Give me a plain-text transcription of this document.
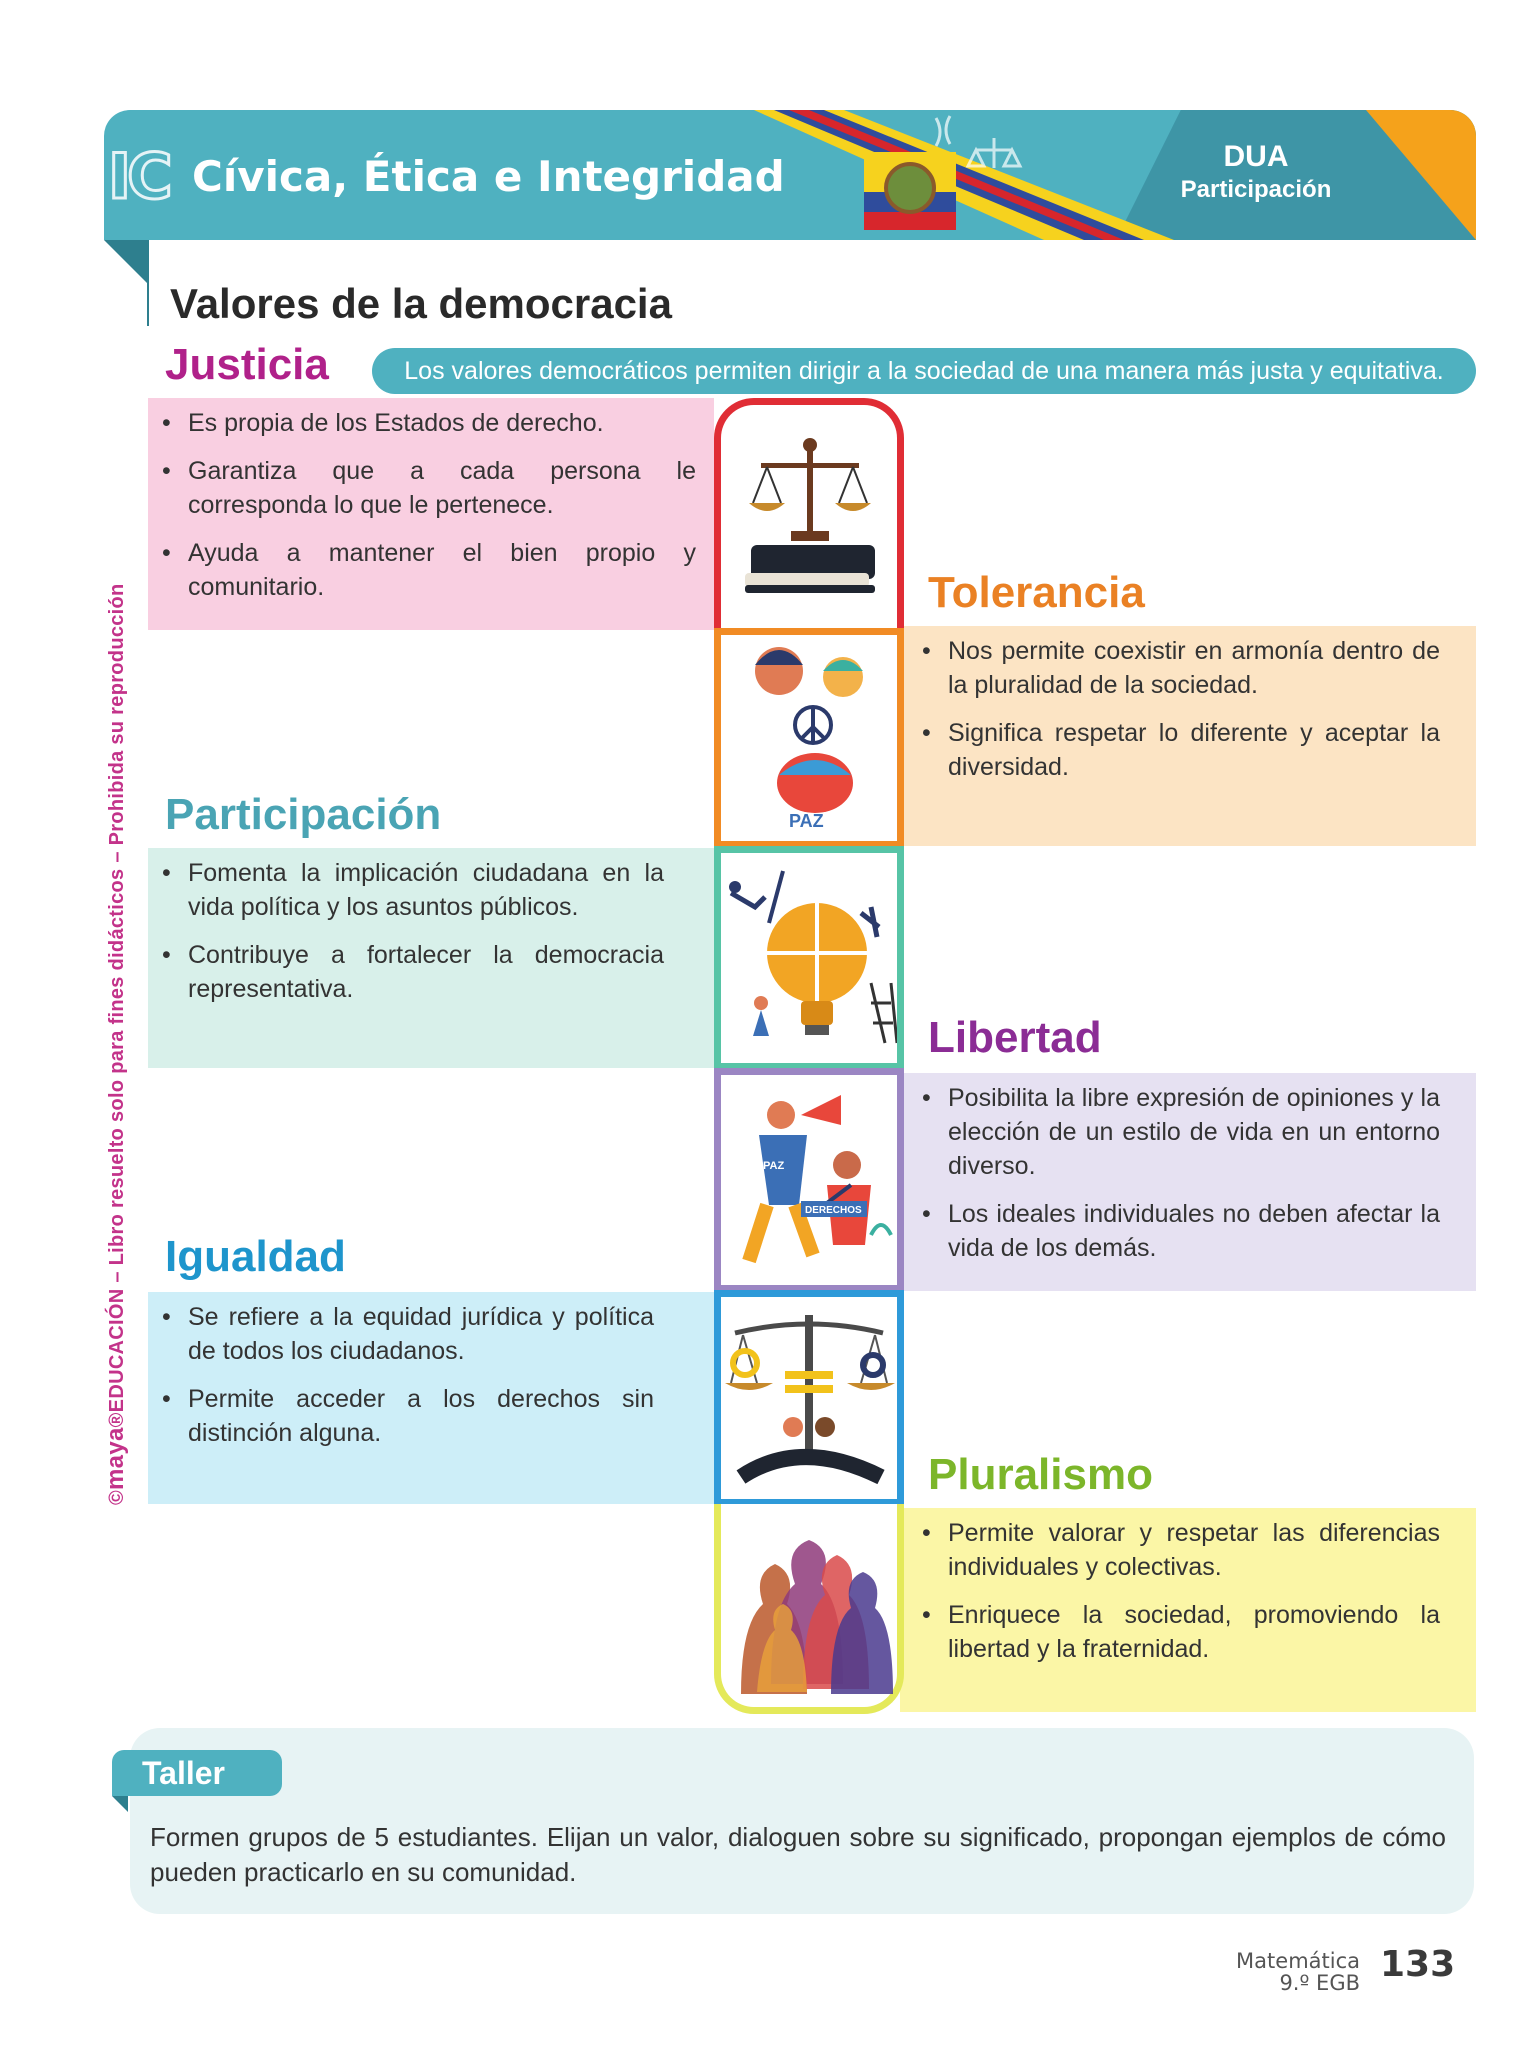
IC Cívica, Ética e Integridad	DUA
Participación
Valores de la democracia
Justicia	Los valores democráticos permiten dirigir a la sociedad de una manera más justa y equitativa.
• Es propia de los Estados de derecho.
• Garantiza que a cada persona le corresponda lo que le pertenece.
• Ayuda a mantener el bien propio y comunitario.	Tolerancia
• Nos permite coexistir en armonía dentro de la pluralidad de la sociedad.
• Significa respetar lo diferente y aceptar la diversidad.
Participación
• Fomenta la implicación ciudadana en la vida política y los asuntos públicos.
• Contribuye a fortalecer la democracia representativa.
Libertad
• Posibilita la libre expresión de opiniones y la elección de un estilo de vida en un entorno diverso.
• Los ideales individuales no deben afectar la vida de los demás.
Igualdad
• Se refiere a la equidad jurídica y política de todos los ciudadanos.
• Permite acceder a los derechos sin distinción alguna.
Pluralismo
• Permite valorar y respetar las diferencias individuales y colectivas.
• Enriquece la sociedad, promoviendo la libertad y la fraternidad.
PAZ
DERECHOS
PAZ
Taller
Formen grupos de 5 estudiantes. Elijan un valor, dialoguen sobre su significado, propongan ejemplos de cómo pueden practicarlo en su comunidad.
©maya®EDUCACIÓN – Libro resuelto solo para fines didácticos – Prohibida su reproducción
Matemática
9.º EGB 133
